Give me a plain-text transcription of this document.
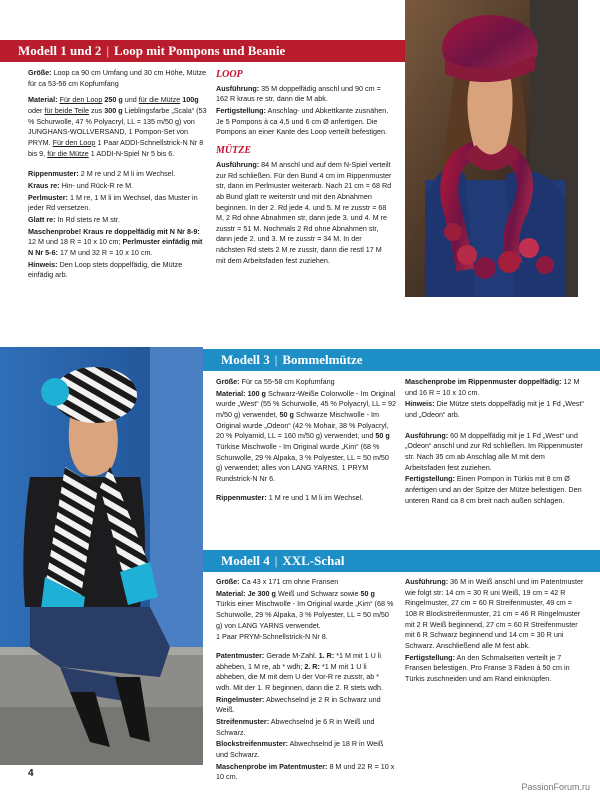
Modell 1 und 2 | Loop mit Pompons und Beanie

Größe: Loop ca 90 cm Umfang und 30 cm Höhe, Mütze für ca 53-56 cm Kopfumfang

Material: Für den Loop 250 g und für die Mütze 100g oder für beide Teile zus 300 g Lieblingsfarbe „Scala“ (53 % Schurwolle, 47 % Polyacryl, LL = 135 m/50 g) von JUNGHANS-WOLLVERSAND, 1 Pompon-Set von PRYM. Für den Loop 1 Paar ADDI-Schnellstrick-N Nr 8 bis 9, für die Mütze 1 ADDI-N-Spiel Nr 5 bis 6.

Rippenmuster: 2 M re und 2 M li im Wechsel.

Kraus re: Hin- und Rück-R re M.

Perlmuster: 1 M re, 1 M li im Wechsel, das Muster in jeder Rd versetzen.

Glatt re: In Rd stets re M str.

Maschenprobe! Kraus re doppelfädig mit N Nr 8-9: 12 M und 18 R = 10 x 10 cm; Perlmuster einfädig mit N Nr 5-6: 17 M und 32 R = 10 x 10 cm.

Hinweis: Den Loop stets doppelfädig, die Mütze einfädig arb.

LOOP

Ausführung: 35 M doppelfädig anschl und 90 cm = 162 R kraus re str, dann die M abk.

Fertigstellung: Anschlag- und Abkettkante zusnähen. Je 5 Pompons à ca 4,5 und 6 cm Ø anfertigen. Die Pompons an einer Kante des Loop verteilt befestigen.

MÜTZE

Ausführung: 84 M anschl und auf dem N-Spiel verteilt zur Rd schließen. Für den Bund 4 cm im Rippenmuster str, dann im Perlmuster weiterarb. Nach 21 cm = 68 Rd ab Bund glatt re weiterstr und mit den Abnahmen beginnen. In der 2. Rd jede 4. und 5. M re zusstr = 68 M, 2 Rd ohne Abnahmen str, dann jede 3. und 4. M re zusstr = 51 M. Nochmals 2 Rd ohne Abnahmen str, dann jede 2. und 3. M re zusstr = 34 M. In der nächsten Rd stets 2 M re zusstr, dann die restl 17 M mit dem Arbeitsfaden fest zuziehen.

Modell 3 | Bommelmütze

Größe: Für ca 55-58 cm Kopfumfang

Material: 100 g Schwarz-Weiße Colorwolle - Im Original wurde „West“ (55 % Schurwolle, 45 % Polyacryl, LL = 92 m/50 g) verwendet, 50 g Schwarze Mischwolle - Im Original wurde „Odeon“ (42 % Mohair, 38 % Polyacryl, 20 % Polyamid, LL = 160 m/50 g) verwendet, und 50 g Türkise Mischwolle - Im Original wurde „Kim“ (68 % Schurwolle, 29 % Alpaka, 3 % Polyester, LL = 50 m/50 g) verwendet; alles von LANG YARNS. 1 PRYM Rundstrick-N Nr 6.

Rippenmuster: 1 M re und 1 M li im Wechsel.

Maschenprobe im Rippenmuster doppelfädig: 12 M und 16 R = 10 x 10 cm.

Hinweis: Die Mütze stets doppelfädig mit je 1 Fd „West“ und „Odeon“ arb.

Ausführung: 60 M doppelfädig mit je 1 Fd „West“ und „Odeon“ anschl und zur Rd schließen. Im Rippenmuster str. Nach 35 cm ab Anschlag alle M mit dem Arbeitsfaden fest zuziehen.

Fertigstellung: Einen Pompon in Türkis mit 8 cm Ø anfertigen und an der Spitze der Mütze befestigen. Den unteren Rand ca 8 cm breit nach außen schlagen.

Modell 4 | XXL-Schal

Größe: Ca 43 x 171 cm ohne Fransen

Material: Je 300 g Weiß und Schwarz sowie 50 g Türkis einer Mischwolle - Im Original wurde „Kim“ (68 % Schurwolle, 29 % Alpaka, 3 % Polyester, LL = 50 m/50 g) von LANG YARNS verwendet.

1 Paar PRYM-Schnellstrick-N Nr 8.

Patentmuster: Gerade M-Zahl. 1. R: *1 M mit 1 U li abheben, 1 M re, ab * wdh; 2. R: *1 M mit 1 U li abheben, die M mit dem U der Vor-R re zusstr, ab * wdh. Mit der 1. R beginnen, dann die 2. R stets wdh.

Ringelmuster: Abwechselnd je 2 R in Schwarz und Weiß.

Streifenmuster: Abwechselnd je 6 R in Weiß und Schwarz.

Blockstreifenmuster: Abwechselnd je 18 R in Weiß und Schwarz.

Maschenprobe im Patentmuster: 8 M und 22 R = 10 x 10 cm.

Ausführung: 36 M in Weiß anschl und im Patentmuster wie folgt str: 14 cm = 30 R uni Weiß, 19 cm = 42 R Ringelmuster, 27 cm = 60 R Streifenmuster, 49 cm = 108 R Blockstreifenmuster, 21 cm = 46 R Ringelmuster mit 2 R Weiß beginnend, 27 cm = 60 R Streifenmuster mit 6 R Schwarz beginnend und 14 cm = 30 R uni Schwarz. Anschließend alle M fest abk.

Fertigstellung: An den Schmalseiten verteilt je 7 Fransen befestigen. Pro Franse 3 Fäden à 50 cm in Türkis zuschneiden und am Rand einknüpfen.

4
PassionForum.ru
